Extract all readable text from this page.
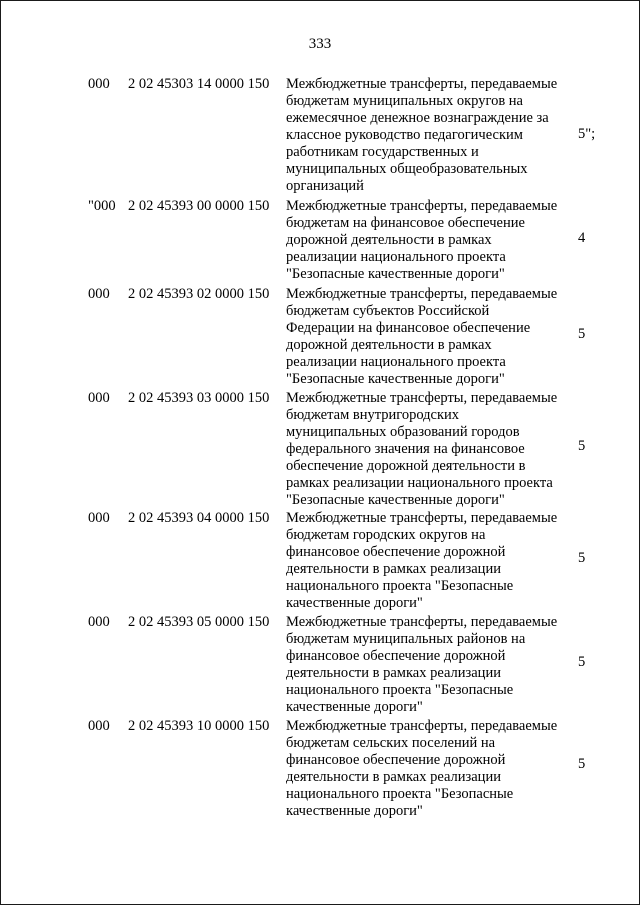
333
000 2 02 45303 14 0000 150 Межбюджетные трансферты, передаваемые
бюджетам муниципальных округов на
ежемесячное денежное вознаграждение за
классное руководство педагогическим
работникам государственных и
муниципальных общеобразовательных
организаций
5";
"000 2 02 45393 00 0000 150 Межбюджетные трансферты, передаваемые
бюджетам на финансовое обеспечение
дорожной деятельности в рамках
реализации национального проекта
"Безопасные качественные дороги"
4
000 2 02 45393 02 0000 150 Межбюджетные трансферты, передаваемые
бюджетам субъектов Российской
Федерации на финансовое обеспечение
дорожной деятельности в рамках
реализации национального проекта
"Безопасные качественные дороги"
5
000 2 02 45393 03 0000 150 Межбюджетные трансферты, передаваемые
бюджетам внутригородских
муниципальных образований городов
федерального значения на финансовое
обеспечение дорожной деятельности в
рамках реализации национального проекта
"Безопасные качественные дороги"
5
000 2 02 45393 04 0000 150 Межбюджетные трансферты, передаваемые
бюджетам городских округов на
финансовое обеспечение дорожной
деятельности в рамках реализации
национального проекта "Безопасные
качественные дороги"
5
000 2 02 45393 05 0000 150 Межбюджетные трансферты, передаваемые
бюджетам муниципальных районов на
финансовое обеспечение дорожной
деятельности в рамках реализации
национального проекта "Безопасные
качественные дороги"
5
000 2 02 45393 10 0000 150 Межбюджетные трансферты, передаваемые
бюджетам сельских поселений на
финансовое обеспечение дорожной
деятельности в рамках реализации
национального проекта "Безопасные
качественные дороги"
5
